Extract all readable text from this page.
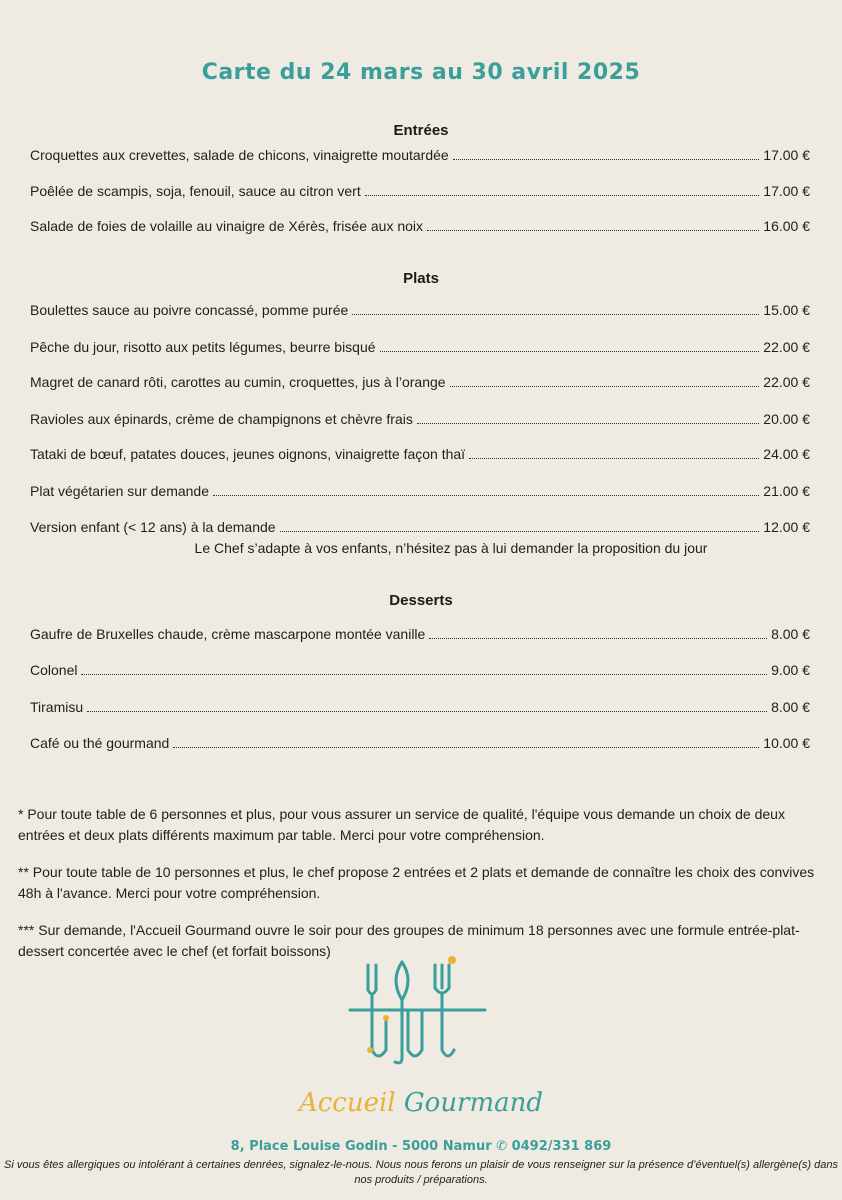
Carte du 24 mars au 30 avril 2025
Entrées
Croquettes aux crevettes, salade de chicons, vinaigrette moutardée	17.00 €
Poêlée de scampis, soja, fenouil, sauce au citron vert	17.00 €
Salade de foies de volaille au vinaigre de Xérès, frisée aux noix	16.00 €
Plats
Boulettes sauce au poivre concassé, pomme purée	15.00 €
Pêche du jour, risotto aux petits légumes, beurre bisqué	22.00 €
Magret de canard rôti, carottes au cumin, croquettes, jus à l’orange	22.00 €
Ravioles aux épinards, crème de champignons et chèvre frais	20.00 €
Tataki de bœuf, patates douces, jeunes oignons, vinaigrette façon thaï	24.00 €
Plat végétarien sur demande	21.00 €
Version enfant (< 12 ans) à la demande	12.00 €
Le Chef s’adapte à vos enfants, n’hésitez pas à lui demander la proposition du jour
Desserts
Gaufre de Bruxelles chaude, crème mascarpone montée vanille	8.00 €
Colonel	9.00 €
Tiramisu	8.00 €
Café ou thé gourmand	10.00 €
* Pour toute table de 6 personnes et plus, pour vous assurer un service de qualité, l'équipe vous demande un choix de deux entrées et deux plats différents maximum par table. Merci pour votre compréhension.
** Pour toute table de 10 personnes et plus, le chef propose 2 entrées et 2 plats et demande de connaître les choix des convives 48h à l'avance. Merci pour votre compréhension.
*** Sur demande, l'Accueil Gourmand ouvre le soir pour des groupes de minimum 18 personnes avec une formule entrée-plat-dessert concertée avec le chef (et forfait boissons)
Accueil Gourmand
8, Place Louise Godin - 5000 Namur ✆ 0492/331 869
Si vous êtes allergiques ou intolérant à certaines denrées, signalez-le-nous. Nous nous ferons un plaisir de vous renseigner sur la présence d’éventuel(s) allergène(s) dans nos produits / préparations.
